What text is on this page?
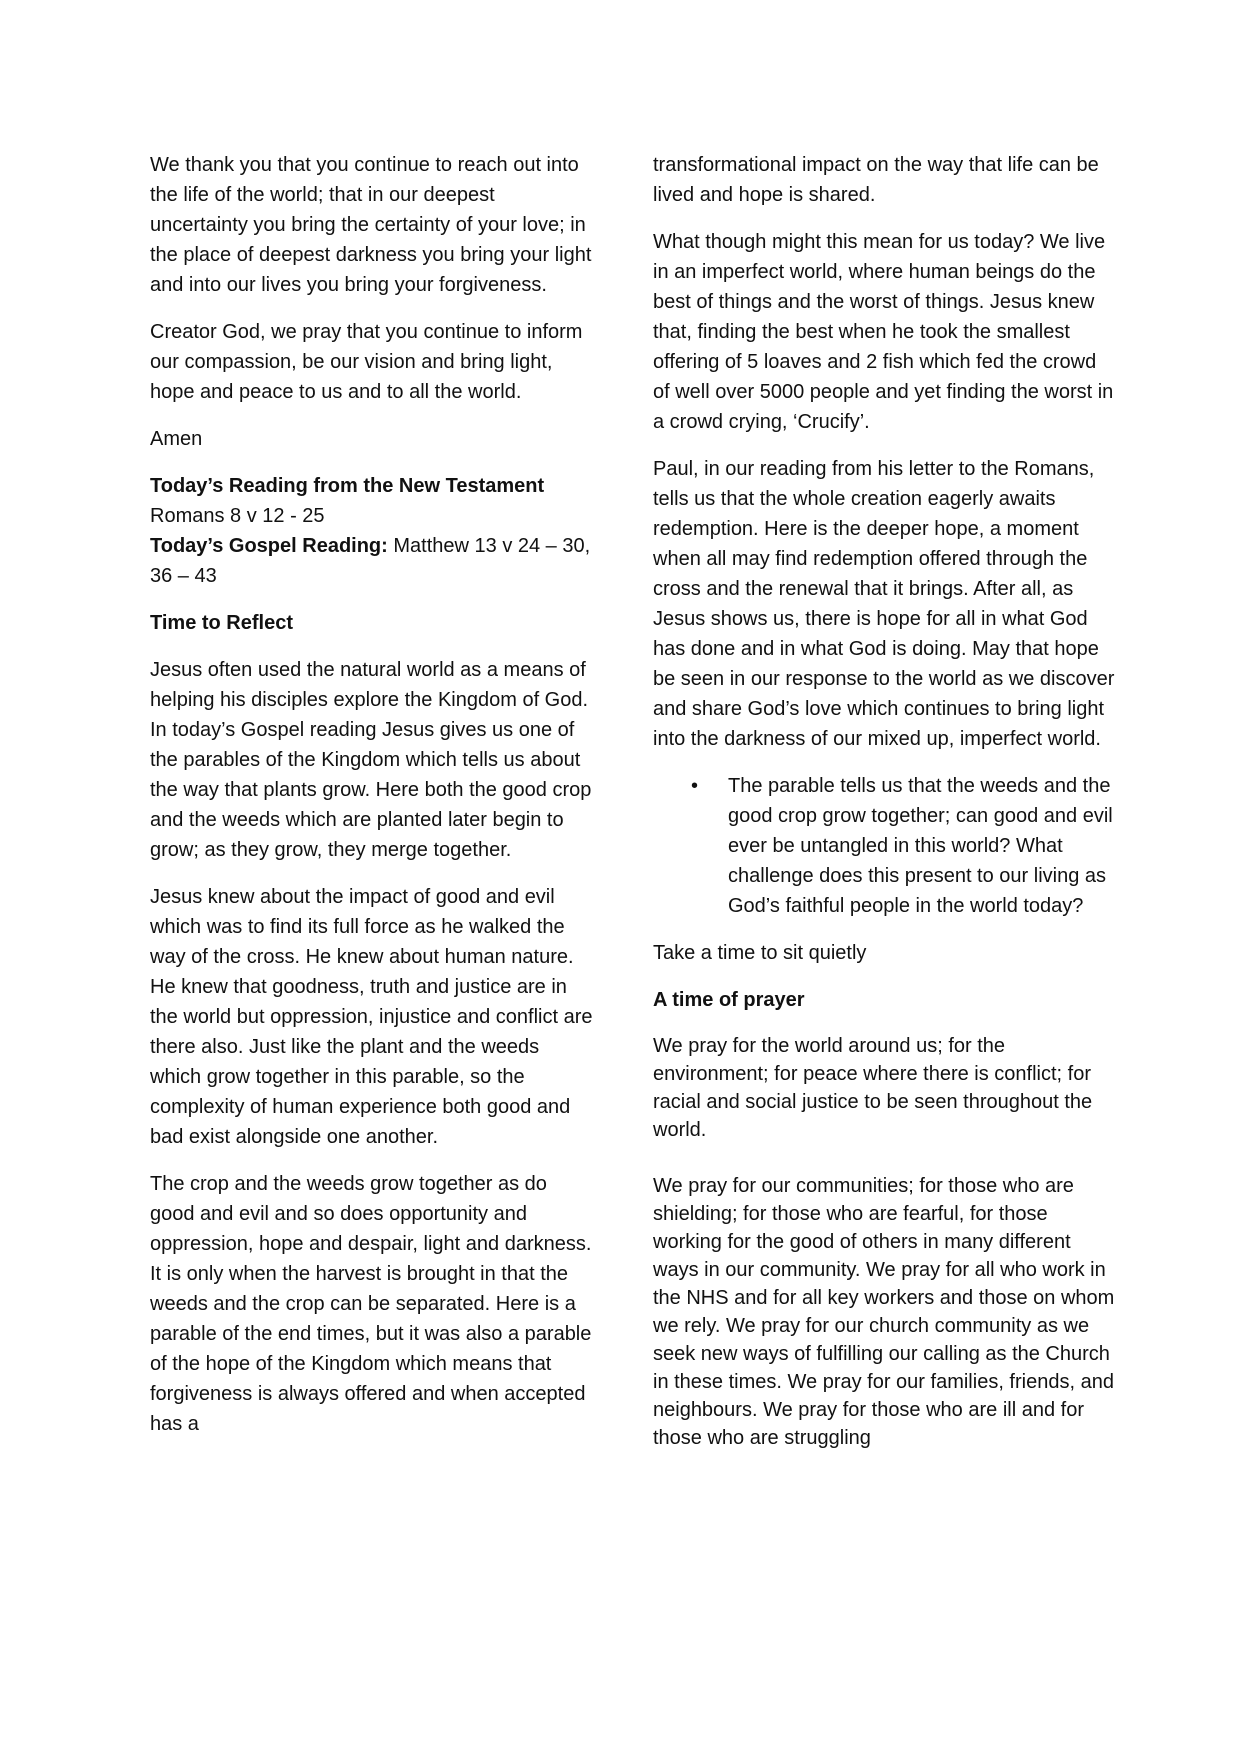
We thank you that you continue to reach out into the life of the world; that in our deepest uncertainty you bring the certainty of your love; in the place of deepest darkness you bring your light and into our lives you bring your forgiveness.

Creator God, we pray that you continue to inform our compassion, be our vision and bring light, hope and peace to us and to all the world.

Amen

Today’s Reading from the New Testament
Romans 8 v 12 - 25
Today’s Gospel Reading: Matthew 13 v 24 – 30, 36 – 43

Time to Reflect

Jesus often used the natural world as a means of helping his disciples explore the Kingdom of God. In today’s Gospel reading Jesus gives us one of the parables of the Kingdom which tells us about the way that plants grow. Here both the good crop and the weeds which are planted later begin to grow; as they grow, they merge together.

Jesus knew about the impact of good and evil which was to find its full force as he walked the way of the cross. He knew about human nature. He knew that goodness, truth and justice are in the world but oppression, injustice and conflict are there also. Just like the plant and the weeds which grow together in this parable, so the complexity of human experience both good and bad exist alongside one another.

The crop and the weeds grow together as do good and evil and so does opportunity and oppression, hope and despair, light and darkness. It is only when the harvest is brought in that the weeds and the crop can be separated. Here is a parable of the end times, but it was also a parable of the hope of the Kingdom which means that forgiveness is always offered and when accepted has a

transformational impact on the way that life can be lived and hope is shared.

What though might this mean for us today? We live in an imperfect world, where human beings do the best of things and the worst of things. Jesus knew that, finding the best when he took the smallest offering of 5 loaves and 2 fish which fed the crowd of well over 5000 people and yet finding the worst in a crowd crying, ‘Crucify’.

Paul, in our reading from his letter to the Romans, tells us that the whole creation eagerly awaits redemption. Here is the deeper hope, a moment when all may find redemption offered through the cross and the renewal that it brings. After all, as Jesus shows us, there is hope for all in what God has done and in what God is doing. May that hope be seen in our response to the world as we discover and share God’s love which continues to bring light into the darkness of our mixed up, imperfect world.

•	The parable tells us that the weeds and the good crop grow together; can good and evil ever be untangled in this world? What challenge does this present to our living as God’s faithful people in the world today?

Take a time to sit quietly

A time of prayer

We pray for the world around us; for the environment; for peace where there is conflict; for racial and social justice to be seen throughout the world.
We pray for our communities; for those who are shielding; for those who are fearful, for those working for the good of others in many different ways in our community. We pray for all who work in the NHS and for all key workers and those on whom we rely. We pray for our church community as we seek new ways of fulfilling our calling as the Church in these times. We pray for our families, friends, and neighbours. We pray for those who are ill and for those who are struggling
